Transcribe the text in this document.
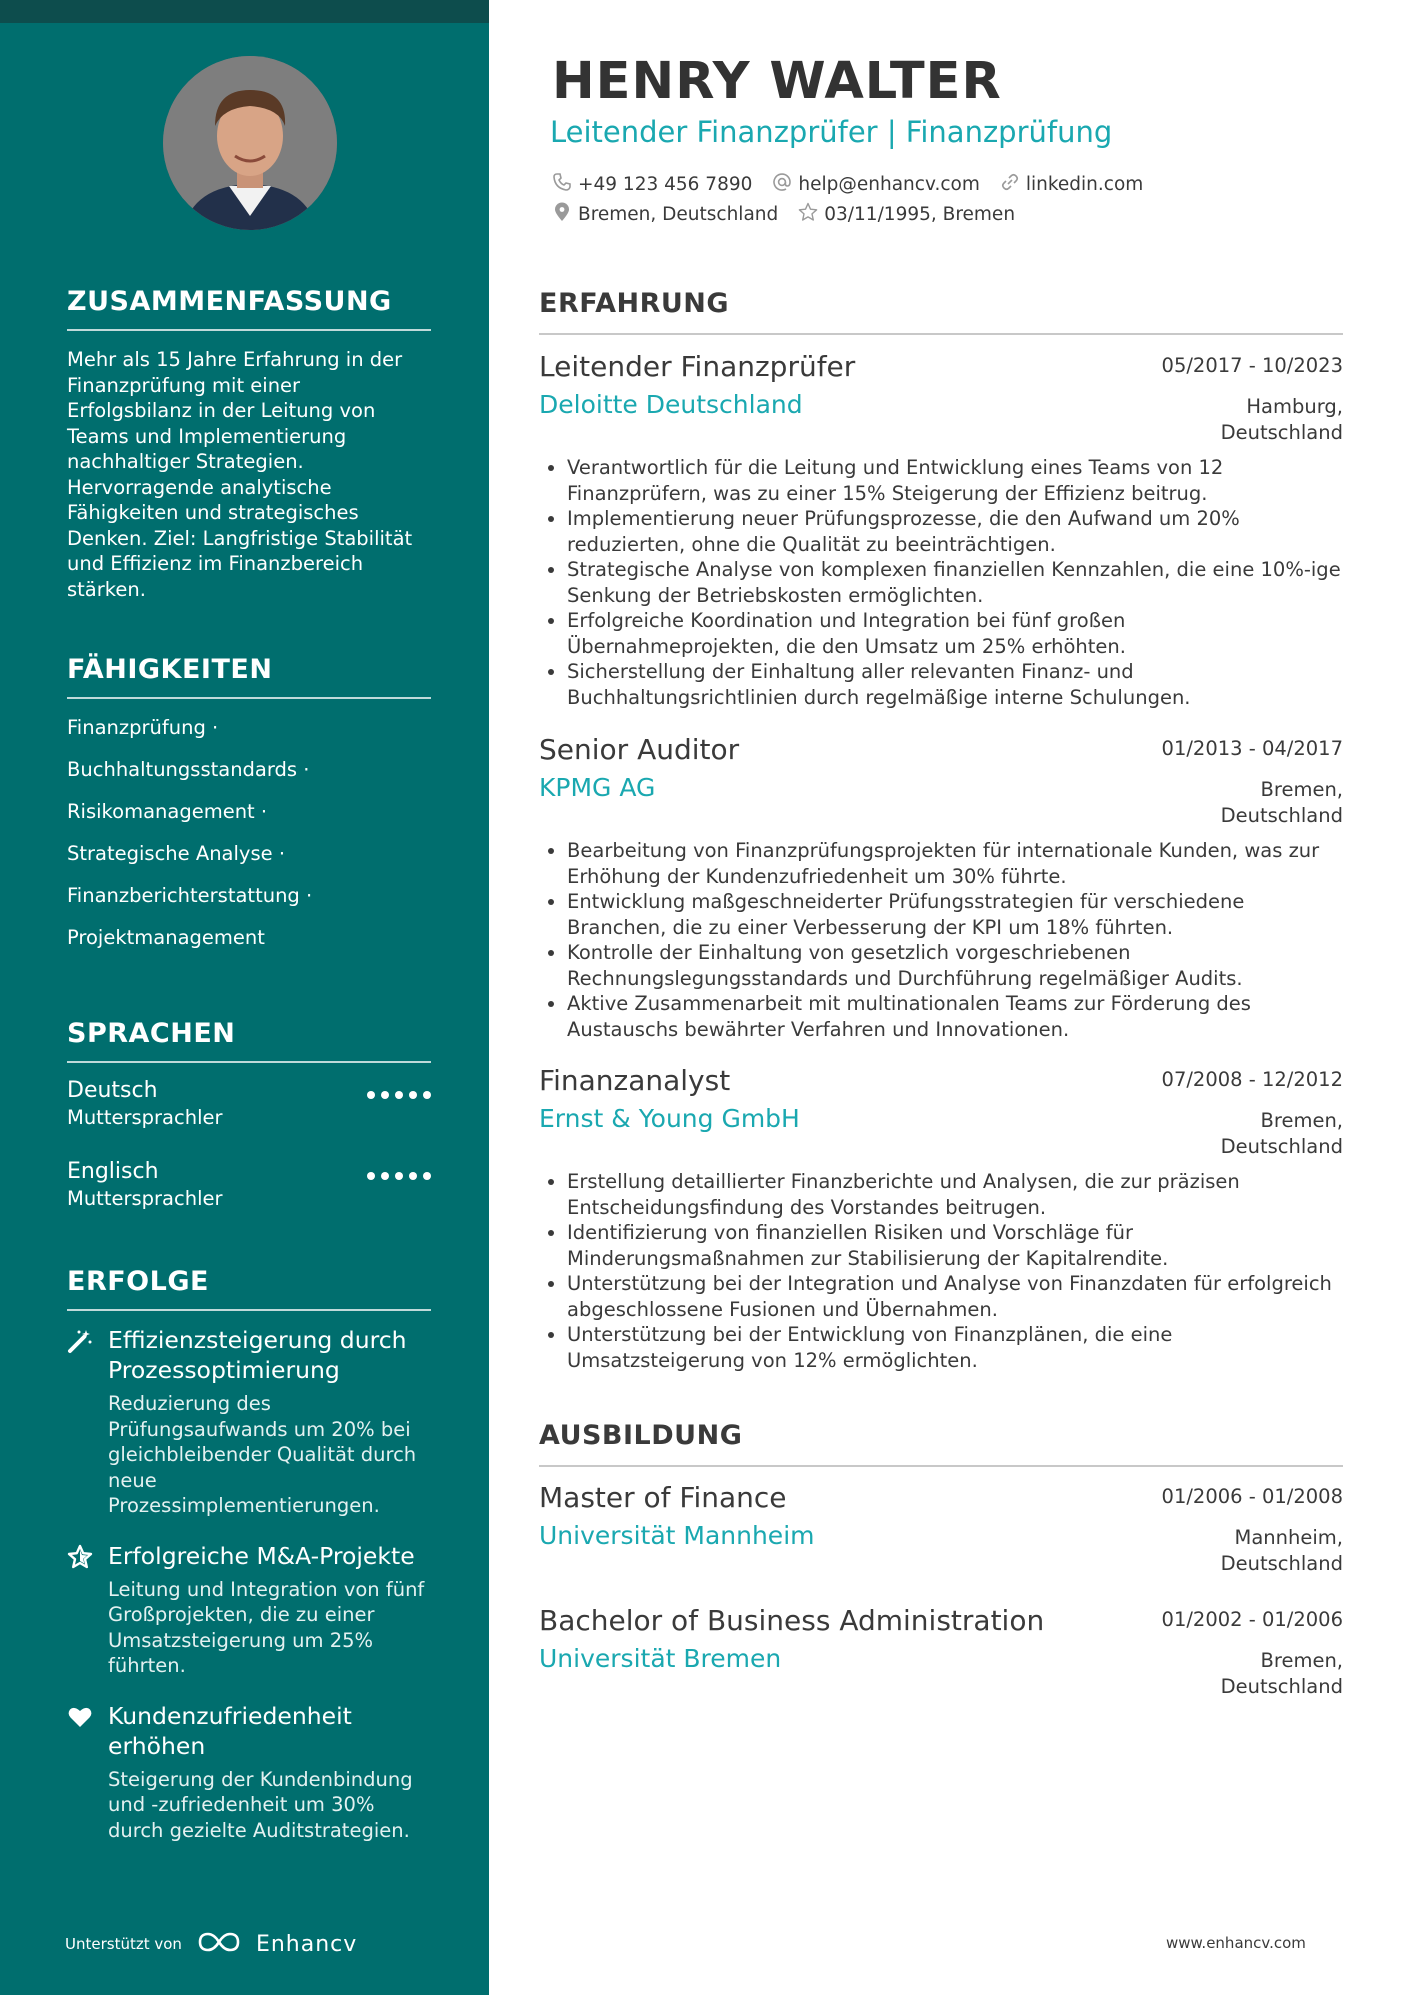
ZUSAMMENFASSUNG
Mehr als 15 Jahre Erfahrung in der Finanzprüfung mit einer Erfolgsbilanz in der Leitung von Teams und Implementierung nachhaltiger Strategien. Hervorragende analytische Fähigkeiten und strategisches Denken. Ziel: Langfristige Stabilität und Effizienz im Finanzbereich stärken.
FÄHIGKEITEN
Finanzprüfung ·
Buchhaltungsstandards ·
Risikomanagement ·
Strategische Analyse ·
Finanzberichterstattung ·
Projektmanagement
SPRACHEN
Deutsch
Muttersprachler
Englisch
Muttersprachler
ERFOLGE
Effizienzsteigerung durch Prozessoptimierung
Reduzierung des Prüfungsaufwands um 20% bei gleichbleibender Qualität durch neue Prozessimplementierungen.
Erfolgreiche M&A-Projekte
Leitung und Integration von fünf Großprojekten, die zu einer Umsatzsteigerung um 25% führten.
Kundenzufriedenheit erhöhen
Steigerung der Kundenbindung und -zufriedenheit um 30% durch gezielte Auditstrategien.
Unterstützt von	Enhancv
HENRY WALTER
Leitender Finanzprüfer | Finanzprüfung
+49 123 456 7890 help@enhancv.com linkedin.com
Bremen, Deutschland 03/11/1995, Bremen
ERFAHRUNG
Leitender Finanzprüfer	05/2017 - 10/2023
Deloitte Deutschland	Hamburg,
Deutschland
• Verantwortlich für die Leitung und Entwicklung eines Teams von 12 Finanzprüfern, was zu einer 15% Steigerung der Effizienz beitrug.
• Implementierung neuer Prüfungsprozesse, die den Aufwand um 20% reduzierten, ohne die Qualität zu beeinträchtigen.
• Strategische Analyse von komplexen finanziellen Kennzahlen, die eine 10%-ige Senkung der Betriebskosten ermöglichten.
• Erfolgreiche Koordination und Integration bei fünf großen Übernahmeprojekten, die den Umsatz um 25% erhöhten.
• Sicherstellung der Einhaltung aller relevanten Finanz- und Buchhaltungsrichtlinien durch regelmäßige interne Schulungen.
Senior Auditor	01/2013 - 04/2017
KPMG AG	Bremen,
Deutschland
• Bearbeitung von Finanzprüfungsprojekten für internationale Kunden, was zur Erhöhung der Kundenzufriedenheit um 30% führte.
• Entwicklung maßgeschneiderter Prüfungsstrategien für verschiedene Branchen, die zu einer Verbesserung der KPI um 18% führten.
• Kontrolle der Einhaltung von gesetzlich vorgeschriebenen Rechnungslegungsstandards und Durchführung regelmäßiger Audits.
• Aktive Zusammenarbeit mit multinationalen Teams zur Förderung des Austauschs bewährter Verfahren und Innovationen.
Finanzanalyst	07/2008 - 12/2012
Ernst & Young GmbH	Bremen,
Deutschland
• Erstellung detaillierter Finanzberichte und Analysen, die zur präzisen Entscheidungsfindung des Vorstandes beitrugen.
• Identifizierung von finanziellen Risiken und Vorschläge für Minderungsmaßnahmen zur Stabilisierung der Kapitalrendite.
• Unterstützung bei der Integration und Analyse von Finanzdaten für erfolgreich abgeschlossene Fusionen und Übernahmen.
• Unterstützung bei der Entwicklung von Finanzplänen, die eine Umsatzsteigerung von 12% ermöglichten.
AUSBILDUNG
Master of Finance	01/2006 - 01/2008
Universität Mannheim	Mannheim,
Deutschland
Bachelor of Business Administration	01/2002 - 01/2006
Universität Bremen	Bremen,
Deutschland
www.enhancv.com
